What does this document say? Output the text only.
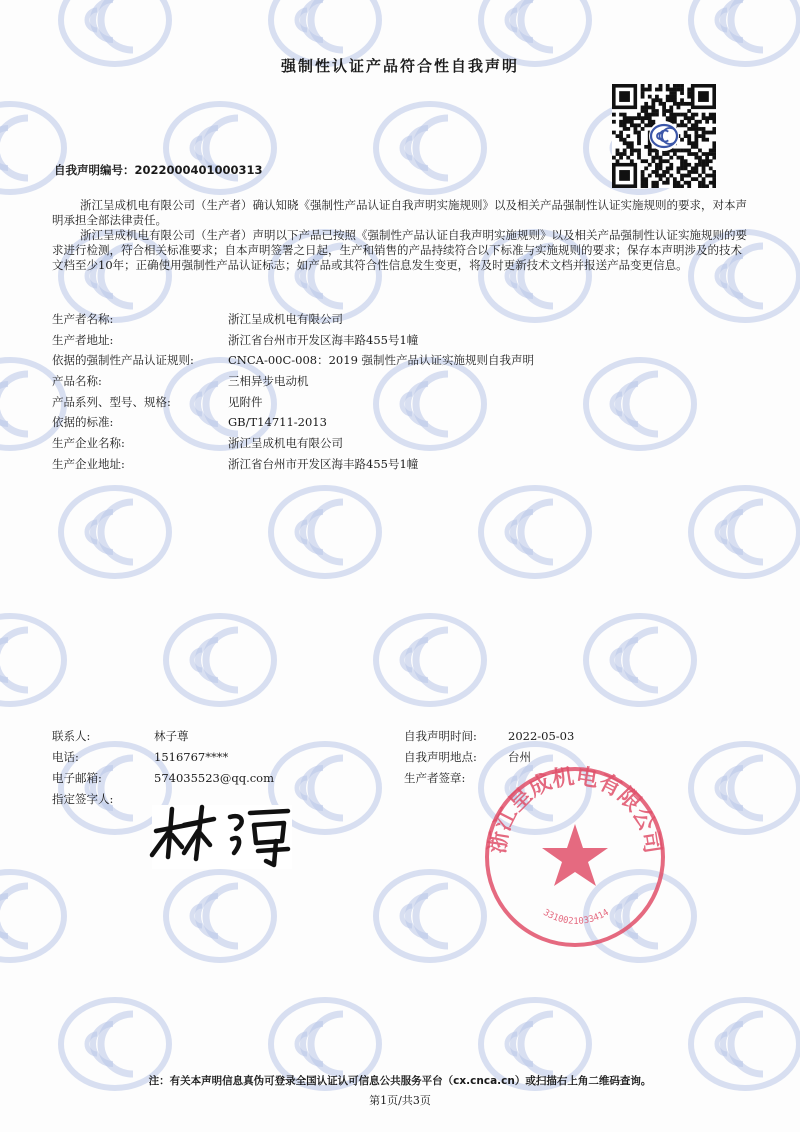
强制性认证产品符合性自我声明
自我声明编号：2022000401000313
浙江呈成机电有限公司（生产者）确认知晓《强制性产品认证自我声明实施规则》以及相关产品强制性认证实施规则的要求，对本声明承担全部法律责任。
浙江呈成机电有限公司（生产者）声明以下产品已按照《强制性产品认证自我声明实施规则》以及相关产品强制性认证实施规则的要求进行检测，符合相关标准要求；自本声明签署之日起，生产和销售的产品持续符合以下标准与实施规则的要求；保存本声明涉及的技术文档至少10年；正确使用强制性产品认证标志；如产品或其符合性信息发生变更，将及时更新技术文档并报送产品变更信息。
生产者名称:	浙江呈成机电有限公司
生产者地址:	浙江省台州市开发区海丰路455号1幢
依据的强制性产品认证规则:	CNCA-00C-008：2019 强制性产品认证实施规则自我声明
产品名称:	三相异步电动机
产品系列、型号、规格:	见附件
依据的标准:	GB/T14711-2013
生产企业名称:	浙江呈成机电有限公司
生产企业地址:	浙江省台州市开发区海丰路455号1幢
联系人:	林子尊
电话:	1516767****
电子邮箱:	574035523@qq.com
指定签字人:
自我声明时间:	2022-05-03
自我声明地点:	台州
生产者签章:
浙江呈成机电有限公司
3310021033414
注：有关本声明信息真伪可登录全国认证认可信息公共服务平台（cx.cnca.cn）或扫描右上角二维码查询。
第1页/共3页
